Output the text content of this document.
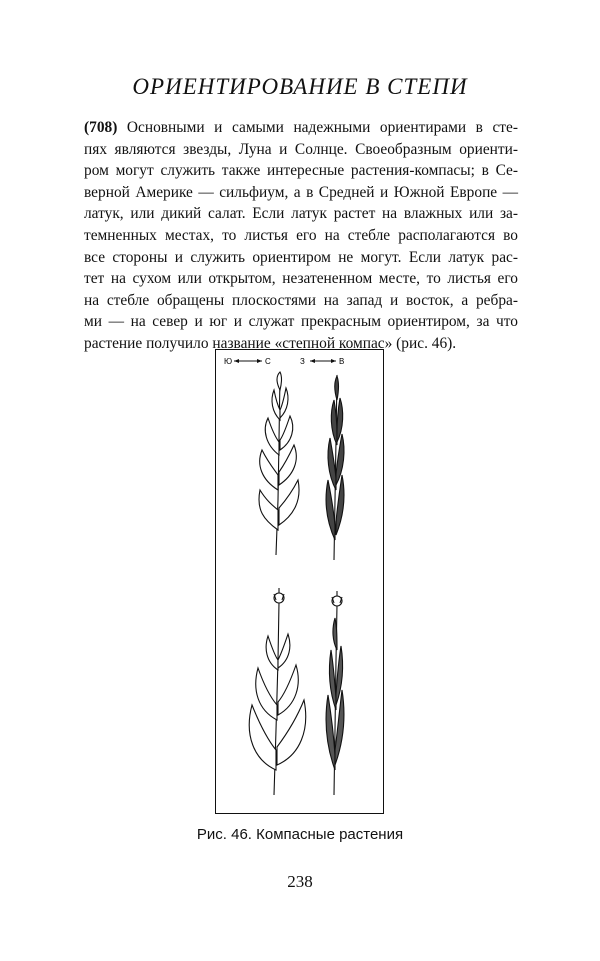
ОРИЕНТИРОВАНИЕ В СТЕПИ
(708) Основными и самыми надежными ориентирами в сте-
пях являются звезды, Луна и Солнце. Своеобразным ориенти-
ром могут служить также интересные растения-компасы; в Се-
верной Америке — сильфиум, а в Средней и Южной Европе —
латук, или дикий салат. Если латук растет на влажных или за-
темненных местах, то листья его на стебле располагаются во
все стороны и служить ориентиром не могут. Если латук рас-
тет на сухом или открытом, незатененном месте, то листья его
на стебле обращены плоскостями на запад и восток, а ребра-
ми — на север и юг и служат прекрасным ориентиром, за что
растение получило название «степной компас» (рис. 46).
Ю	С	З	В
Рис. 46. Компасные растения
238
